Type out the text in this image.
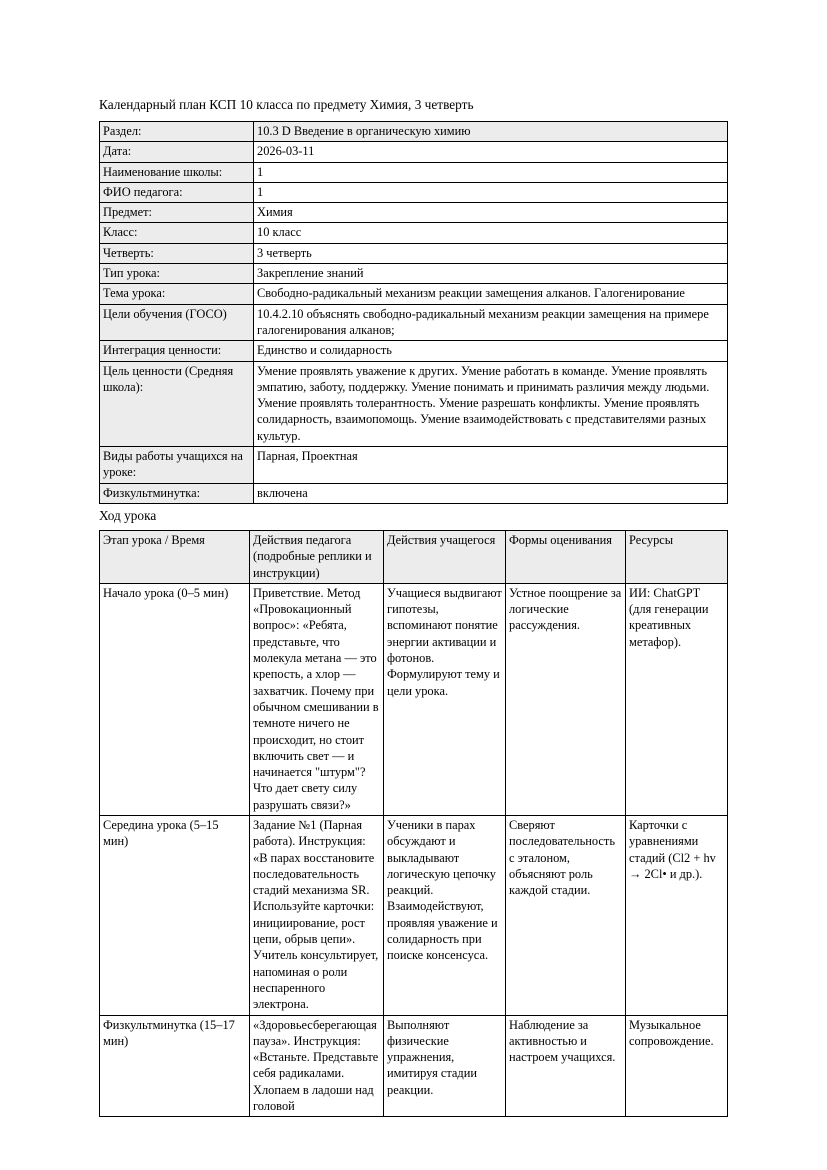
Календарный план КСП 10 класса по предмету Химия, 3 четверть

Раздел:	10.3 D Введение в органическую химию
Дата:	2026-03-11
Наименование школы:	1
ФИО педагога:	1
Предмет:	Химия
Класс:	10 класс
Четверть:	3 четверть
Тип урока:	Закрепление знаний
Тема урока:	Свободно-радикальный механизм реакции замещения алканов. Галогенирование
Цели обучения (ГОСО)	10.4.2.10 объяснять свободно-радикальный механизм реакции замещения на примере галогенирования алканов;
Интеграция ценности:	Единство и солидарность
Цель ценности (Средняя школа):	Умение проявлять уважение к других. Умение работать в команде. Умение проявлять эмпатию, заботу, поддержку. Умение понимать и принимать различия между людьми. Умение проявлять толерантность. Умение разрешать конфликты. Умение проявлять солидарность, взаимопомощь. Умение взаимодействовать с представителями разных культур.
Виды работы учащихся на уроке:	Парная, Проектная
Физкультминутка:	включена

Ход урока

Этап урока / Время	Действия педагога (подробные реплики и инструкции)	Действия учащегося	Формы оценивания	Ресурсы
Начало урока (0–5 мин)	Приветствие. Метод «Провокационный вопрос»: «Ребята, представьте, что молекула метана — это крепость, а хлор — захватчик. Почему при обычном смешивании в темноте ничего не происходит, но стоит включить свет — и начинается "штурм"? Что дает свету силу разрушать связи?»	Учащиеся выдвигают гипотезы, вспоминают понятие энергии активации и фотонов. Формулируют тему и цели урока.	Устное поощрение за логические рассуждения.	ИИ: ChatGPT (для генерации креативных метафор).
Середина урока (5–15 мин)	Задание №1 (Парная работа). Инструкция: «В парах восстановите последовательность стадий механизма SR. Используйте карточки: инициирование, рост цепи, обрыв цепи». Учитель консультирует, напоминая о роли неспаренного электрона.	Ученики в парах обсуждают и выкладывают логическую цепочку реакций. Взаимодействуют, проявляя уважение и солидарность при поиске консенсуса.	Сверяют последовательность с эталоном, объясняют роль каждой стадии.	Карточки с уравнениями стадий (Cl2 + hv → 2Cl• и др.).
Физкультминутка (15–17 мин)	«Здоровьесберегающая пауза». Инструкция: «Встаньте. Представьте себя радикалами. Хлопаем в ладоши над головой	Выполняют физические упражнения, имитируя стадии реакции.	Наблюдение за активностью и настроем учащихся.	Музыкальное сопровождение.
